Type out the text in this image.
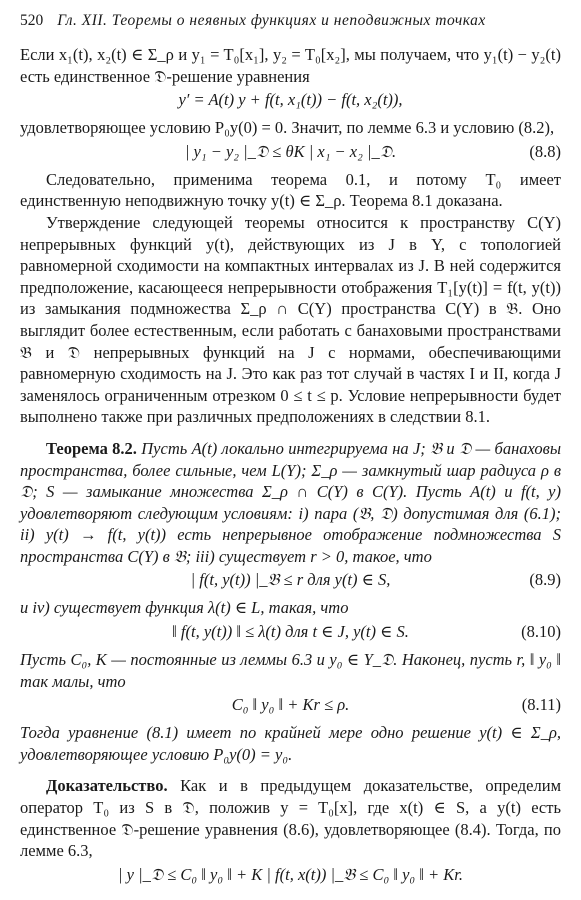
520 Гл. XII. Теоремы о неявных функциях и неподвижных точках

Если x₁(t), x₂(t) ∈ Σ_ρ и y₁ = T₀[x₁], y₂ = T₀[x₂], мы получаем, что y₁(t) − y₂(t) есть единственное 𝔇-решение уравнения

y′ = A(t) y + f(t, x₁(t)) − f(t, x₂(t)),

удовлетворяющее условию P₀y(0) = 0. Значит, по лемме 6.3 и условию (8.2),

| y₁ − y₂ |_𝔇 ≤ θK | x₁ − x₂ |_𝔇.	(8.8)

Следовательно, применима теорема 0.1, и потому T₀ имеет единственную неподвижную точку y(t) ∈ Σ_ρ. Теорема 8.1 доказана.

Утверждение следующей теоремы относится к пространству C(Y) непрерывных функций y(t), действующих из J в Y, с топологией равномерной сходимости на компактных интервалах из J. В ней содержится предположение, касающееся непрерывности отображения T₁[y(t)] = f(t, y(t)) из замыкания подмножества Σ_ρ ∩ C(Y) пространства C(Y) в 𝔅. Оно выглядит более естественным, если работать с банаховыми пространствами 𝔅 и 𝔇 непрерывных функций на J с нормами, обеспечивающими равномерную сходимость на J. Это как раз тот случай в частях I и II, когда J заменялось ограниченным отрезком 0 ≤ t ≤ p. Условие непрерывности будет выполнено также при различных предположениях в следствии 8.1.

Теорема 8.2. Пусть A(t) локально интегрируема на J; 𝔅 и 𝔇 — банаховы пространства, более сильные, чем L(Y); Σ_ρ — замкнутый шар радиуса ρ в 𝔇; S — замыкание множества Σ_ρ ∩ C(Y) в C(Y). Пусть A(t) и f(t, y) удовлетворяют следующим условиям: i) пара (𝔅, 𝔇) допустимая для (6.1); ii) y(t) → f(t, y(t)) есть непрерывное отображение подмножества S пространства C(Y) в 𝔅; iii) существует r > 0, такое, что

| f(t, y(t)) |_𝔅 ≤ r для y(t) ∈ S,	(8.9)

и iv) существует функция λ(t) ∈ L, такая, что

‖ f(t, y(t)) ‖ ≤ λ(t) для t ∈ J, y(t) ∈ S.	(8.10)

Пусть C₀, K — постоянные из леммы 6.3 и y₀ ∈ Y_𝔇. Наконец, пусть r, ‖ y₀ ‖ так малы, что

C₀ ‖ y₀ ‖ + Kr ≤ ρ.	(8.11)

Тогда уравнение (8.1) имеет по крайней мере одно решение y(t) ∈ Σ_ρ, удовлетворяющее условию P₀y(0) = y₀.

Доказательство. Как и в предыдущем доказательстве, определим оператор T₀ из S в 𝔇, положив y = T₀[x], где x(t) ∈ S, а y(t) есть единственное 𝔇-решение уравнения (8.6), удовлетворяющее (8.4). Тогда, по лемме 6.3,

| y |_𝔇 ≤ C₀ ‖ y₀ ‖ + K | f(t, x(t)) |_𝔅 ≤ C₀ ‖ y₀ ‖ + Kr.
